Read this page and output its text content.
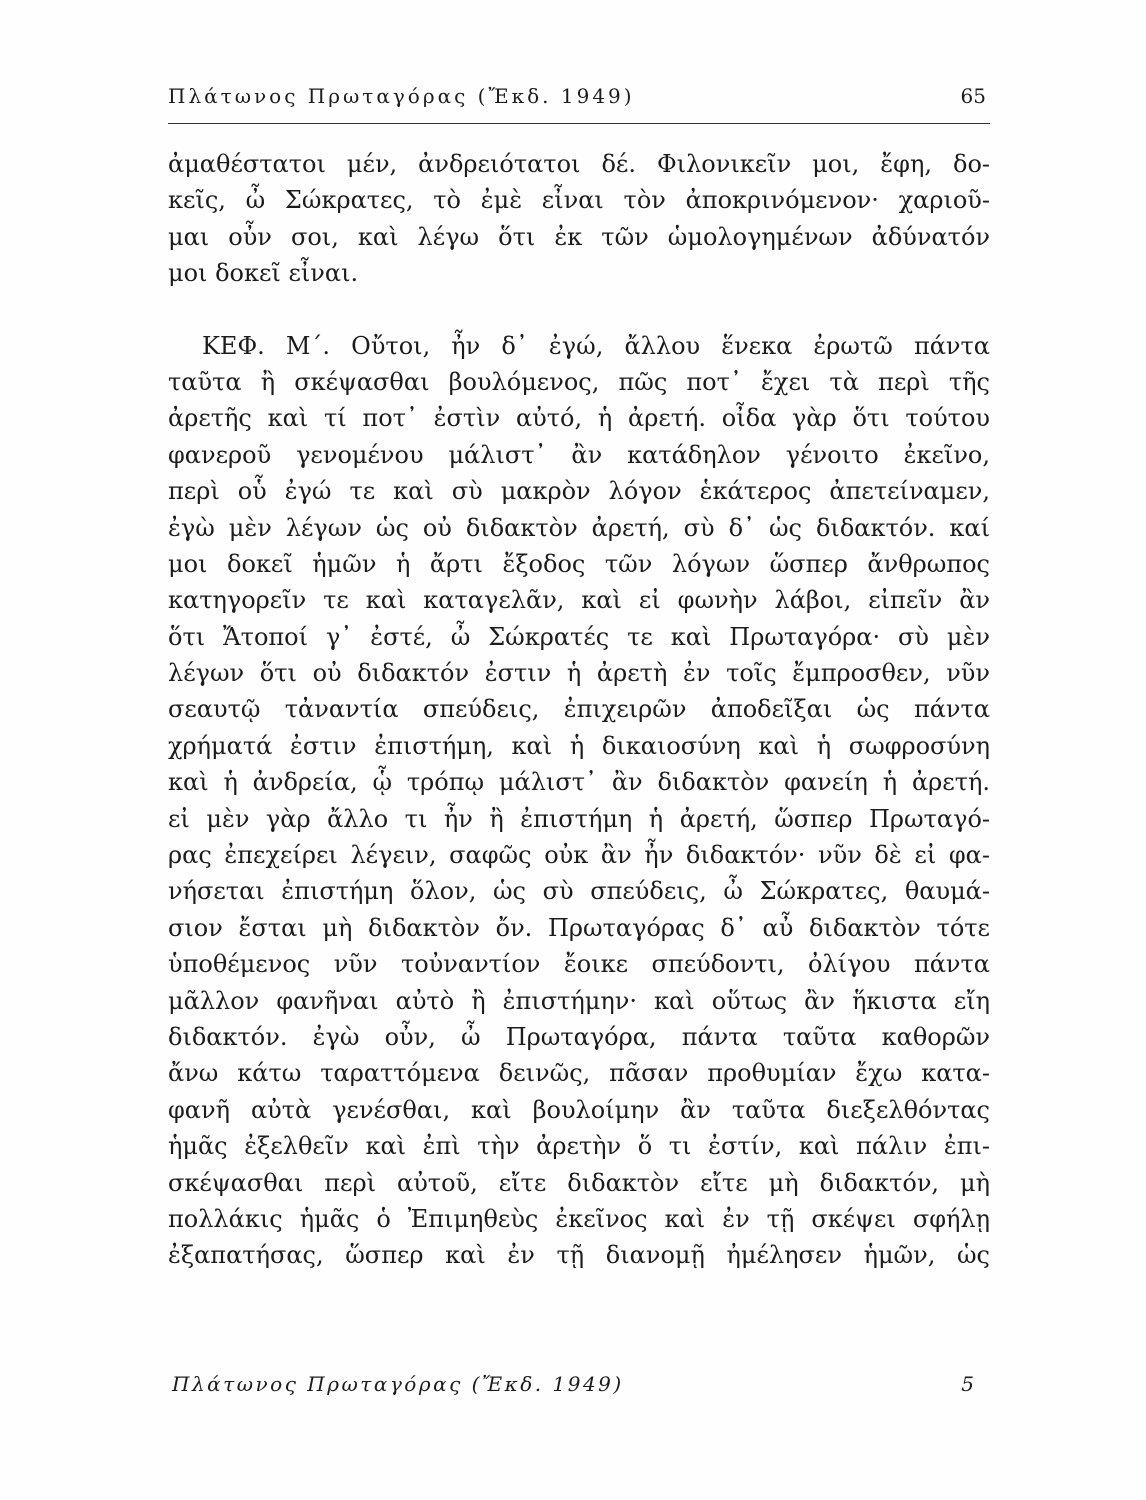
Πλάτωνος Πρωταγόρας (Ἔκδ. 1949)	65
ἀμαθέστατοι μέν, ἀνδρειότατοι δέ. Φιλονικεῖν μοι, ἔφη, δο-
κεῖς, ὦ Σώκρατες, τὸ ἐμὲ εἶναι τὸν ἀποκρινόμενον· χαριοῦ-
μαι οὖν σοι, καὶ λέγω ὅτι ἐκ τῶν ὡμολογημένων ἀδύνατόν
μοι δοκεῖ εἶναι.
ΚΕΦ. Μ΄. Οὔτοι, ἦν δ᾽ ἐγώ, ἄλλου ἕνεκα ἐρωτῶ πάντα
ταῦτα ἢ σκέψασθαι βουλόμενος, πῶς ποτ᾽ ἔχει τὰ περὶ τῆς
ἀρετῆς καὶ τί ποτ᾽ ἐστὶν αὐτό, ἡ ἀρετή. οἶδα γὰρ ὅτι τούτου
φανεροῦ γενομένου μάλιστ᾽ ἂν κατάδηλον γένοιτο ἐκεῖνο,
περὶ οὗ ἐγώ τε καὶ σὺ μακρὸν λόγον ἑκάτερος ἀπετείναμεν,
ἐγὼ μὲν λέγων ὡς οὐ διδακτὸν ἀρετή, σὺ δ᾽ ὡς διδακτόν. καί
μοι δοκεῖ ἡμῶν ἡ ἄρτι ἔξοδος τῶν λόγων ὥσπερ ἄνθρωπος
κατηγορεῖν τε καὶ καταγελᾶν, καὶ εἰ φωνὴν λάβοι, εἰπεῖν ἂν
ὅτι Ἄτοποί γ᾽ ἐστέ, ὦ Σώκρατές τε καὶ Πρωταγόρα· σὺ μὲν
λέγων ὅτι οὐ διδακτόν ἐστιν ἡ ἀρετὴ ἐν τοῖς ἔμπροσθεν, νῦν
σεαυτῷ τἀναντία σπεύδεις, ἐπιχειρῶν ἀποδεῖξαι ὡς πάντα
χρήματά ἐστιν ἐπιστήμη, καὶ ἡ δικαιοσύνη καὶ ἡ σωφροσύνη
καὶ ἡ ἀνδρεία, ᾧ τρόπῳ μάλιστ᾽ ἂν διδακτὸν φανείη ἡ ἀρετή.
εἰ μὲν γὰρ ἄλλο τι ἦν ἢ ἐπιστήμη ἡ ἀρετή, ὥσπερ Πρωταγό-
ρας ἐπεχείρει λέγειν, σαφῶς οὐκ ἂν ἦν διδακτόν· νῦν δὲ εἰ φα-
νήσεται ἐπιστήμη ὅλον, ὡς σὺ σπεύδεις, ὦ Σώκρατες, θαυμά-
σιον ἔσται μὴ διδακτὸν ὄν. Πρωταγόρας δ᾽ αὖ διδακτὸν τότε
ὑποθέμενος νῦν τοὐναντίον ἔοικε σπεύδοντι, ὀλίγου πάντα
μᾶλλον φανῆναι αὐτὸ ἢ ἐπιστήμην· καὶ οὕτως ἂν ἥκιστα εἴη
διδακτόν. ἐγὼ οὖν, ὦ Πρωταγόρα, πάντα ταῦτα καθορῶν
ἄνω κάτω ταραττόμενα δεινῶς, πᾶσαν προθυμίαν ἔχω κατα-
φανῆ αὐτὰ γενέσθαι, καὶ βουλοίμην ἂν ταῦτα διεξελθόντας
ἡμᾶς ἐξελθεῖν καὶ ἐπὶ τὴν ἀρετὴν ὅ τι ἐστίν, καὶ πάλιν ἐπι-
σκέψασθαι περὶ αὐτοῦ, εἴτε διδακτὸν εἴτε μὴ διδακτόν, μὴ
πολλάκις ἡμᾶς ὁ Ἐπιμηθεὺς ἐκεῖνος καὶ ἐν τῇ σκέψει σφήλῃ
ἐξαπατήσας, ὥσπερ καὶ ἐν τῇ διανομῇ ἠμέλησεν ἡμῶν, ὡς
Πλάτωνος Πρωταγόρας (Ἔκδ. 1949)	5
